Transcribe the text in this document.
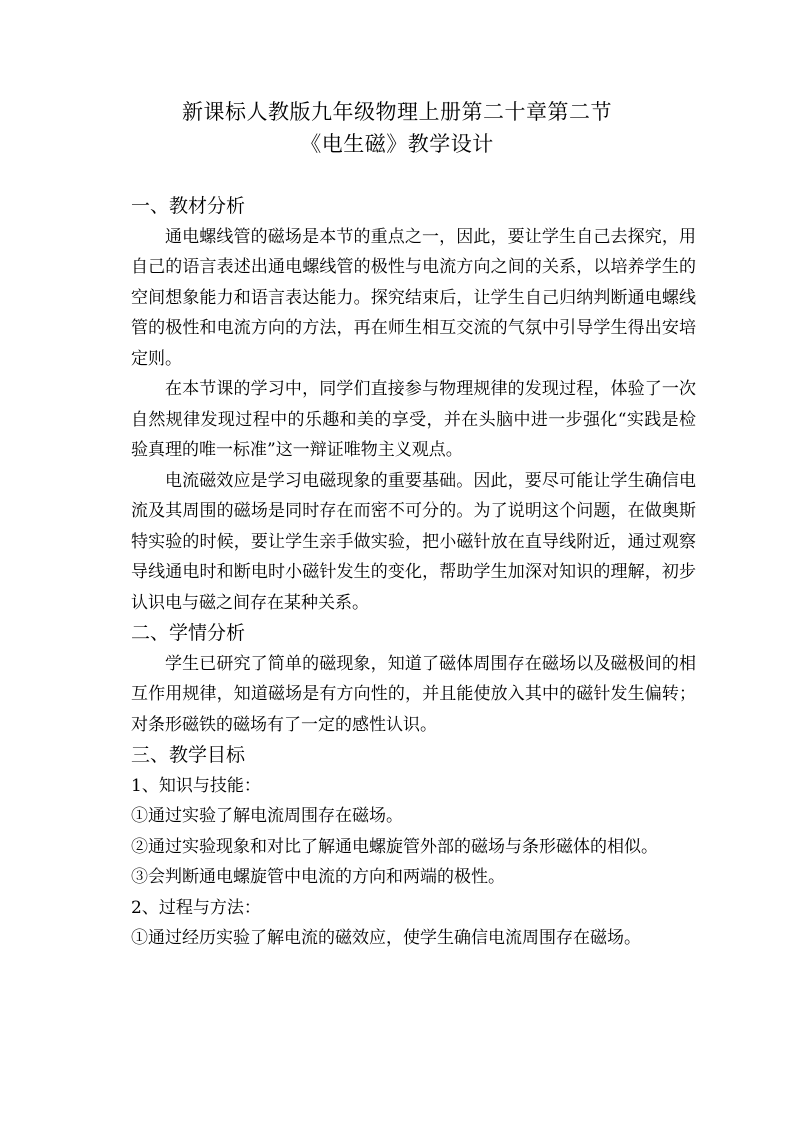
新课标人教版九年级物理上册第二十章第二节
《电生磁》教学设计
一、教材分析

通电螺线管的磁场是本节的重点之一，因此，要让学生自己去探究，用自己的语言表述出通电螺线管的极性与电流方向之间的关系，以培养学生的空间想象能力和语言表达能力。探究结束后，让学生自己归纳判断通电螺线管的极性和电流方向的方法，再在师生相互交流的气氛中引导学生得出安培定则。

在本节课的学习中，同学们直接参与物理规律的发现过程，体验了一次自然规律发现过程中的乐趣和美的享受，并在头脑中进一步强化“实践是检验真理的唯一标准”这一辩证唯物主义观点。

电流磁效应是学习电磁现象的重要基础。因此，要尽可能让学生确信电流及其周围的磁场是同时存在而密不可分的。为了说明这个问题，在做奥斯特实验的时候，要让学生亲手做实验，把小磁针放在直导线附近，通过观察导线通电时和断电时小磁针发生的变化，帮助学生加深对知识的理解，初步认识电与磁之间存在某种关系。

二、学情分析

学生已研究了简单的磁现象，知道了磁体周围存在磁场以及磁极间的相互作用规律，知道磁场是有方向性的，并且能使放入其中的磁针发生偏转；对条形磁铁的磁场有了一定的感性认识。

三、教学目标

1、知识与技能：

①通过实验了解电流周围存在磁场。

②通过实验现象和对比了解通电螺旋管外部的磁场与条形磁体的相似。

③会判断通电螺旋管中电流的方向和两端的极性。

2、过程与方法：

①通过经历实验了解电流的磁效应，使学生确信电流周围存在磁场。
